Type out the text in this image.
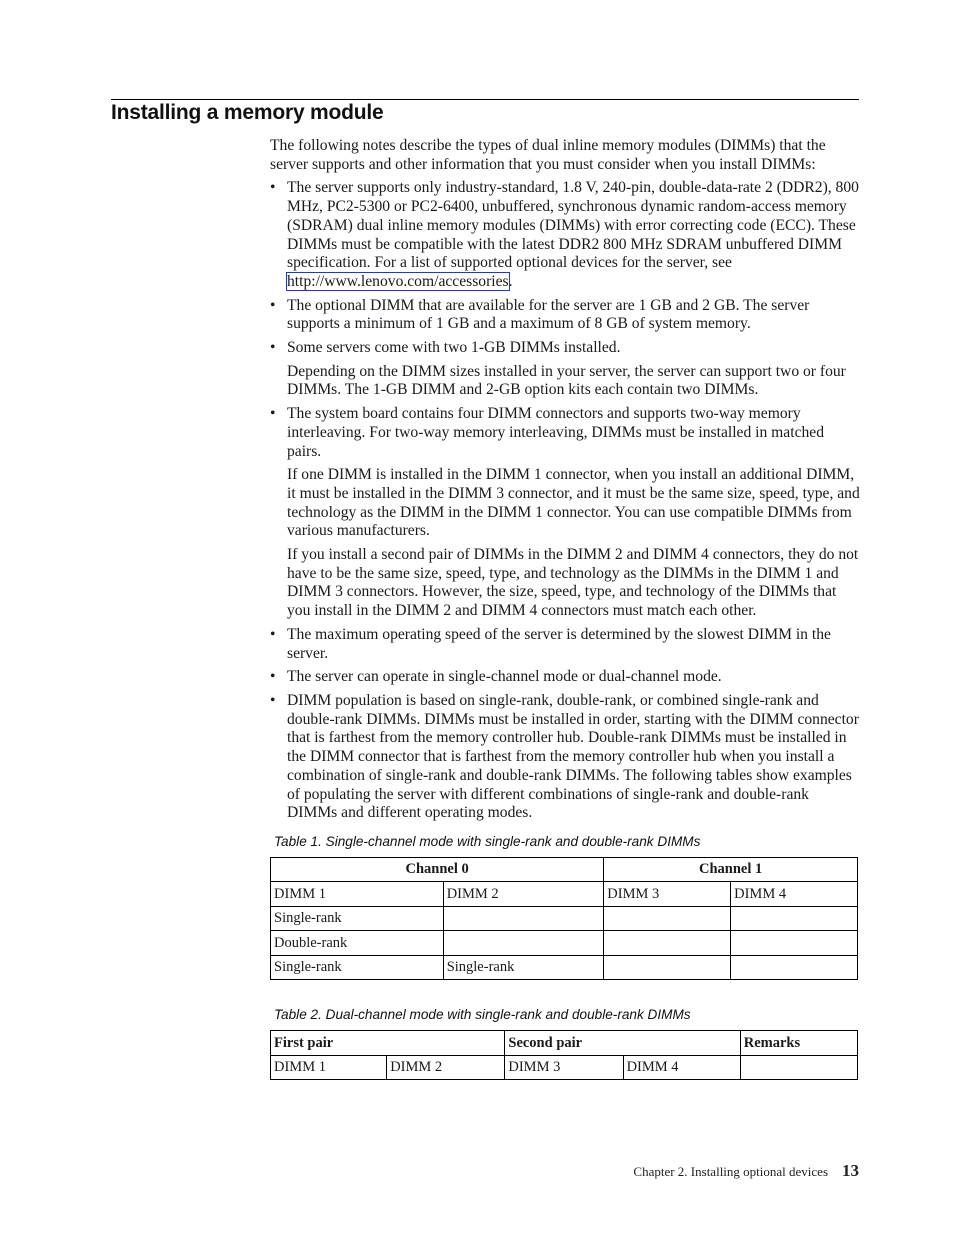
Installing a memory module

The following notes describe the types of dual inline memory modules (DIMMs) that the server supports and other information that you must consider when you install DIMMs:

• The server supports only industry-standard, 1.8 V, 240-pin, double-data-rate 2 (DDR2), 800 MHz, PC2-5300 or PC2-6400, unbuffered, synchronous dynamic random-access memory (SDRAM) dual inline memory modules (DIMMs) with error correcting code (ECC). These DIMMs must be compatible with the latest DDR2 800 MHz SDRAM unbuffered DIMM specification. For a list of supported optional devices for the server, see http://www.lenovo.com/accessories.

• The optional DIMM that are available for the server are 1 GB and 2 GB. The server supports a minimum of 1 GB and a maximum of 8 GB of system memory.

• Some servers come with two 1-GB DIMMs installed.

Depending on the DIMM sizes installed in your server, the server can support two or four DIMMs. The 1-GB DIMM and 2-GB option kits each contain two DIMMs.

• The system board contains four DIMM connectors and supports two-way memory interleaving. For two-way memory interleaving, DIMMs must be installed in matched pairs.

If one DIMM is installed in the DIMM 1 connector, when you install an additional DIMM, it must be installed in the DIMM 3 connector, and it must be the same size, speed, type, and technology as the DIMM in the DIMM 1 connector. You can use compatible DIMMs from various manufacturers.

If you install a second pair of DIMMs in the DIMM 2 and DIMM 4 connectors, they do not have to be the same size, speed, type, and technology as the DIMMs in the DIMM 1 and DIMM 3 connectors. However, the size, speed, type, and technology of the DIMMs that you install in the DIMM 2 and DIMM 4 connectors must match each other.

• The maximum operating speed of the server is determined by the slowest DIMM in the server.

• The server can operate in single-channel mode or dual-channel mode.

• DIMM population is based on single-rank, double-rank, or combined single-rank and double-rank DIMMs. DIMMs must be installed in order, starting with the DIMM connector that is farthest from the memory controller hub. Double-rank DIMMs must be installed in the DIMM connector that is farthest from the memory controller hub when you install a combination of single-rank and double-rank DIMMs. The following tables show examples of populating the server with different combinations of single-rank and double-rank DIMMs and different operating modes.

Table 1. Single-channel mode with single-rank and double-rank DIMMs
Channel 0		Channel 1	
DIMM 1	DIMM 2	DIMM 3	DIMM 4
Single-rank			
Double-rank			
Single-rank	Single-rank		
Table 2. Dual-channel mode with single-rank and double-rank DIMMs
First pair		Second pair		Remarks
DIMM 1	DIMM 2	DIMM 3	DIMM 4	
Chapter 2. Installing optional devices 13
